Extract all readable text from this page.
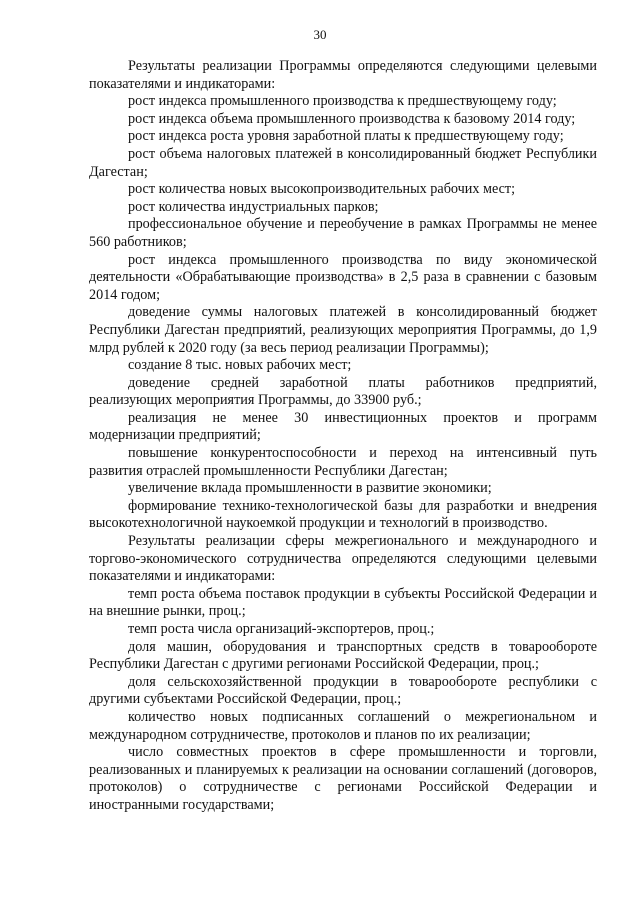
30

Результаты реализации Программы определяются следующими целевыми показателями и индикаторами:

рост индекса промышленного производства к предшествующему году;

рост индекса объема промышленного производства к базовому 2014 году;

рост индекса роста уровня заработной платы к предшествующему году;

рост объема налоговых платежей в консолидированный бюджет Республики Дагестан;

рост количества новых высокопроизводительных рабочих мест;

рост количества индустриальных парков;

профессиональное обучение и переобучение в рамках Программы не менее 560 работников;

рост индекса промышленного производства по виду экономической деятельности «Обрабатывающие производства» в 2,5 раза в сравнении с базовым 2014 годом;

доведение суммы налоговых платежей в консолидированный бюджет Республики Дагестан предприятий, реализующих мероприятия Программы, до 1,9 млрд рублей к 2020 году (за весь период реализации Программы);

создание 8 тыс. новых рабочих мест;

доведение средней заработной платы работников предприятий, реализующих мероприятия Программы, до 33900 руб.;

реализация не менее 30 инвестиционных проектов и программ модернизации предприятий;

повышение конкурентоспособности и переход на интенсивный путь развития отраслей промышленности Республики Дагестан;

увеличение вклада промышленности в развитие экономики;

формирование технико-технологической базы для разработки и внедрения высокотехнологичной наукоемкой продукции и технологий в производство.

Результаты реализации сферы межрегионального и международного и торгово-экономического сотрудничества определяются следующими целевыми показателями и индикаторами:

темп роста объема поставок продукции в субъекты Российской Федерации и на внешние рынки, проц.;

темп роста числа организаций-экспортеров, проц.;

доля машин, оборудования и транспортных средств в товарообороте Республики Дагестан с другими регионами Российской Федерации, проц.;

доля сельскохозяйственной продукции в товарообороте республики с другими субъектами Российской Федерации, проц.;

количество новых подписанных соглашений о межрегиональном и международном сотрудничестве, протоколов и планов по их реализации;

число совместных проектов в сфере промышленности и торговли, реализованных и планируемых к реализации на основании соглашений (договоров, протоколов) о сотрудничестве с регионами Российской Федерации и иностранными государствами;
